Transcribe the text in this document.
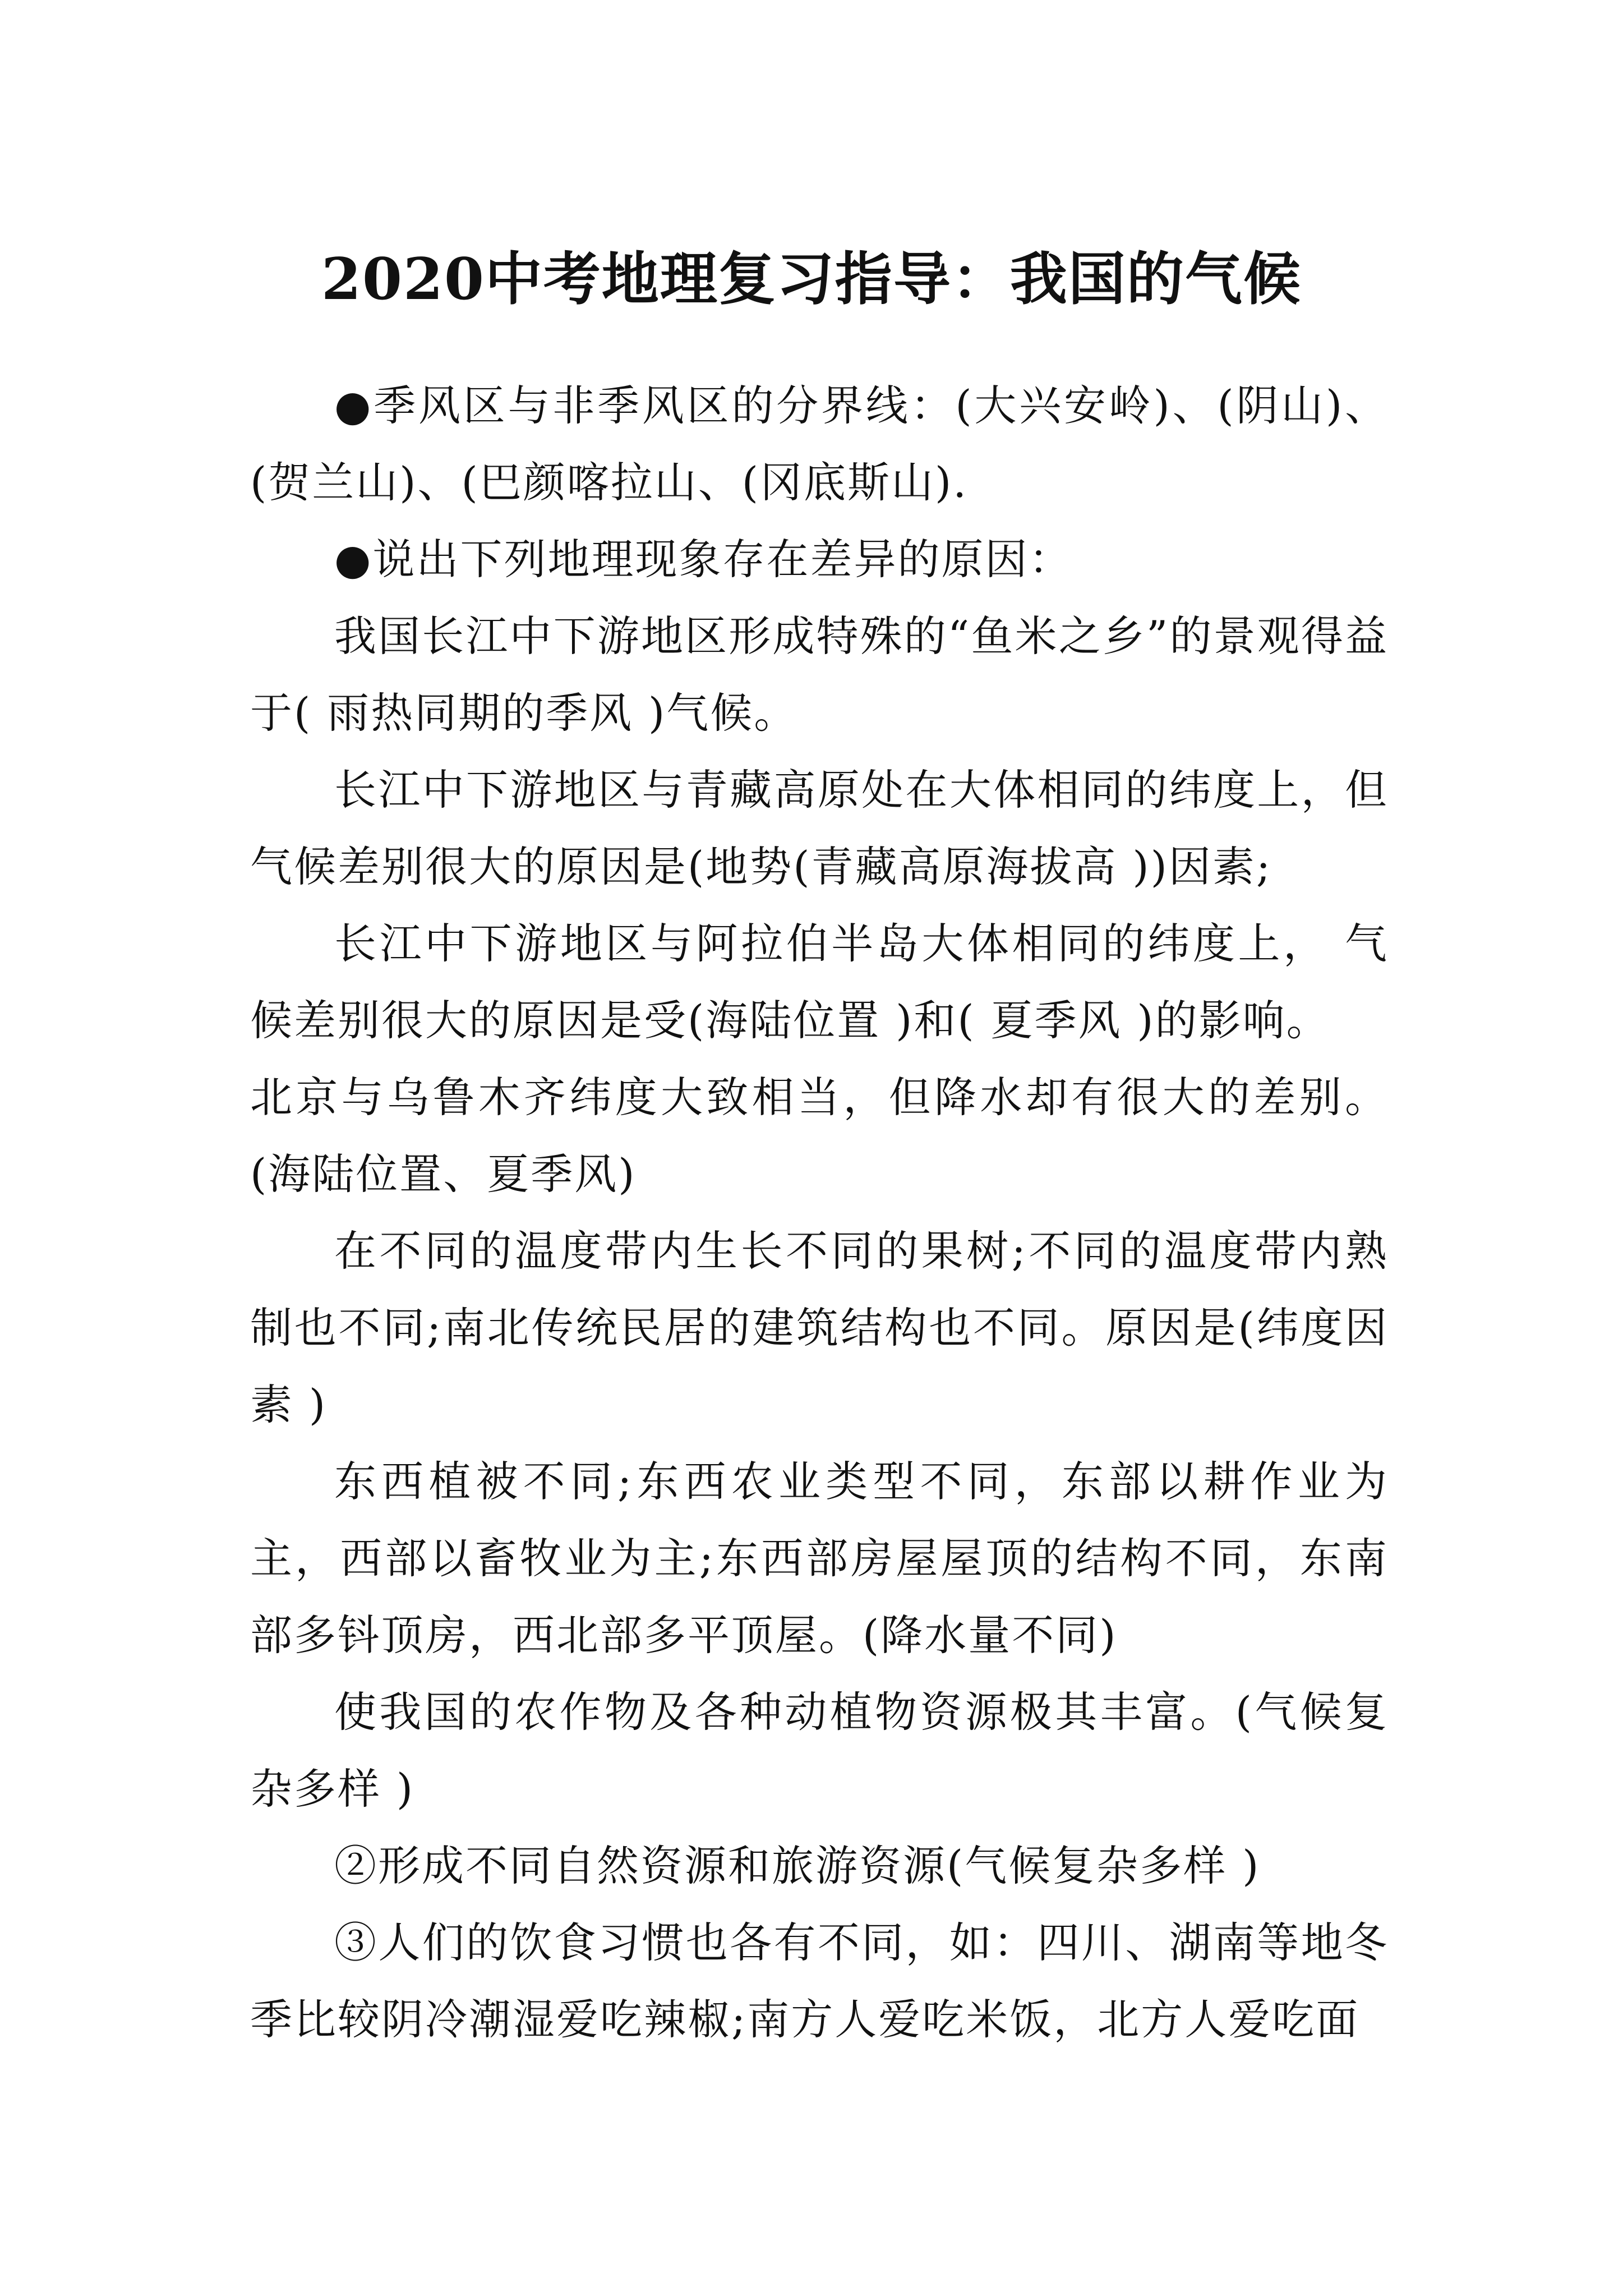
2020中考地理复习指导：我国的气候

●季风区与非季风区的分界线：(大兴安岭)、(阴山)、(贺兰山)、(巴颜喀拉山、(冈底斯山).

●说出下列地理现象存在差异的原因：

我国长江中下游地区形成特殊的“鱼米之乡”的景观得益于( 雨热同期的季风 )气候。

长江中下游地区与青藏高原处在大体相同的纬度上，但气候差别很大的原因是(地势(青藏高原海拔高 ))因素;

长江中下游地区与阿拉伯半岛大体相同的纬度上， 气候差别很大的原因是受(海陆位置 )和( 夏季风 )的影响。

北京与乌鲁木齐纬度大致相当，但降水却有很大的差别。(海陆位置、夏季风)

在不同的温度带内生长不同的果树;不同的温度带内熟制也不同;南北传统民居的建筑结构也不同。原因是(纬度因素 )

东西植被不同;东西农业类型不同，东部以耕作业为主，西部以畜牧业为主;东西部房屋屋顶的结构不同，东南部多钭顶房，西北部多平顶屋。(降水量不同)

使我国的农作物及各种动植物资源极其丰富。(气候复杂多样 )

②形成不同自然资源和旅游资源(气候复杂多样 )

③人们的饮食习惯也各有不同，如：四川、湖南等地冬季比较阴冷潮湿爱吃辣椒;南方人爱吃米饭，北方人爱吃面
